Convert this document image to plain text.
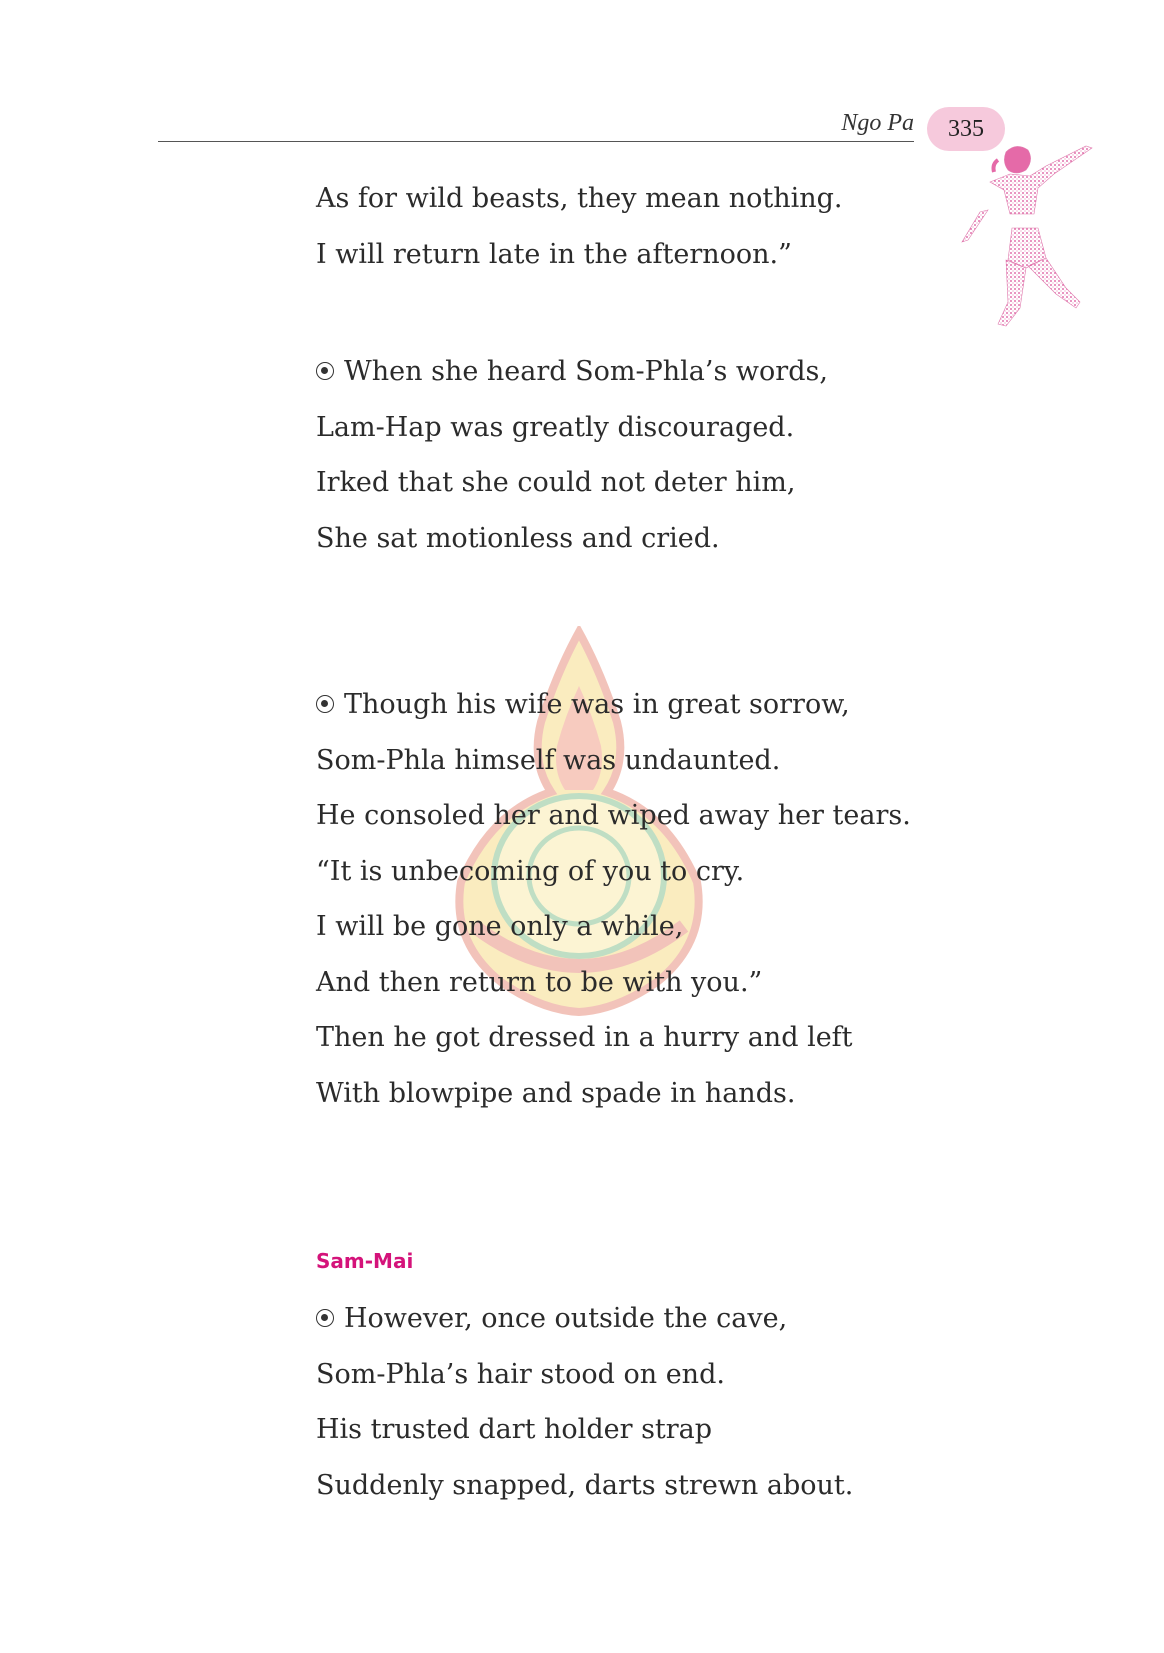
Ngo Pa	335
As for wild beasts, they mean nothing.
I will return late in the afternoon.”
When she heard Som-Phla’s words,
Lam-Hap was greatly discouraged.
Irked that she could not deter him,
She sat motionless and cried.
Though his wife was in great sorrow,
Som-Phla himself was undaunted.
He consoled her and wiped away her tears.
“It is unbecoming of you to cry.
I will be gone only a while,
And then return to be with you.”
Then he got dressed in a hurry and left
With blowpipe and spade in hands.
Sam-Mai
However, once outside the cave,
Som-Phla’s hair stood on end.
His trusted dart holder strap
Suddenly snapped, darts strewn about.
